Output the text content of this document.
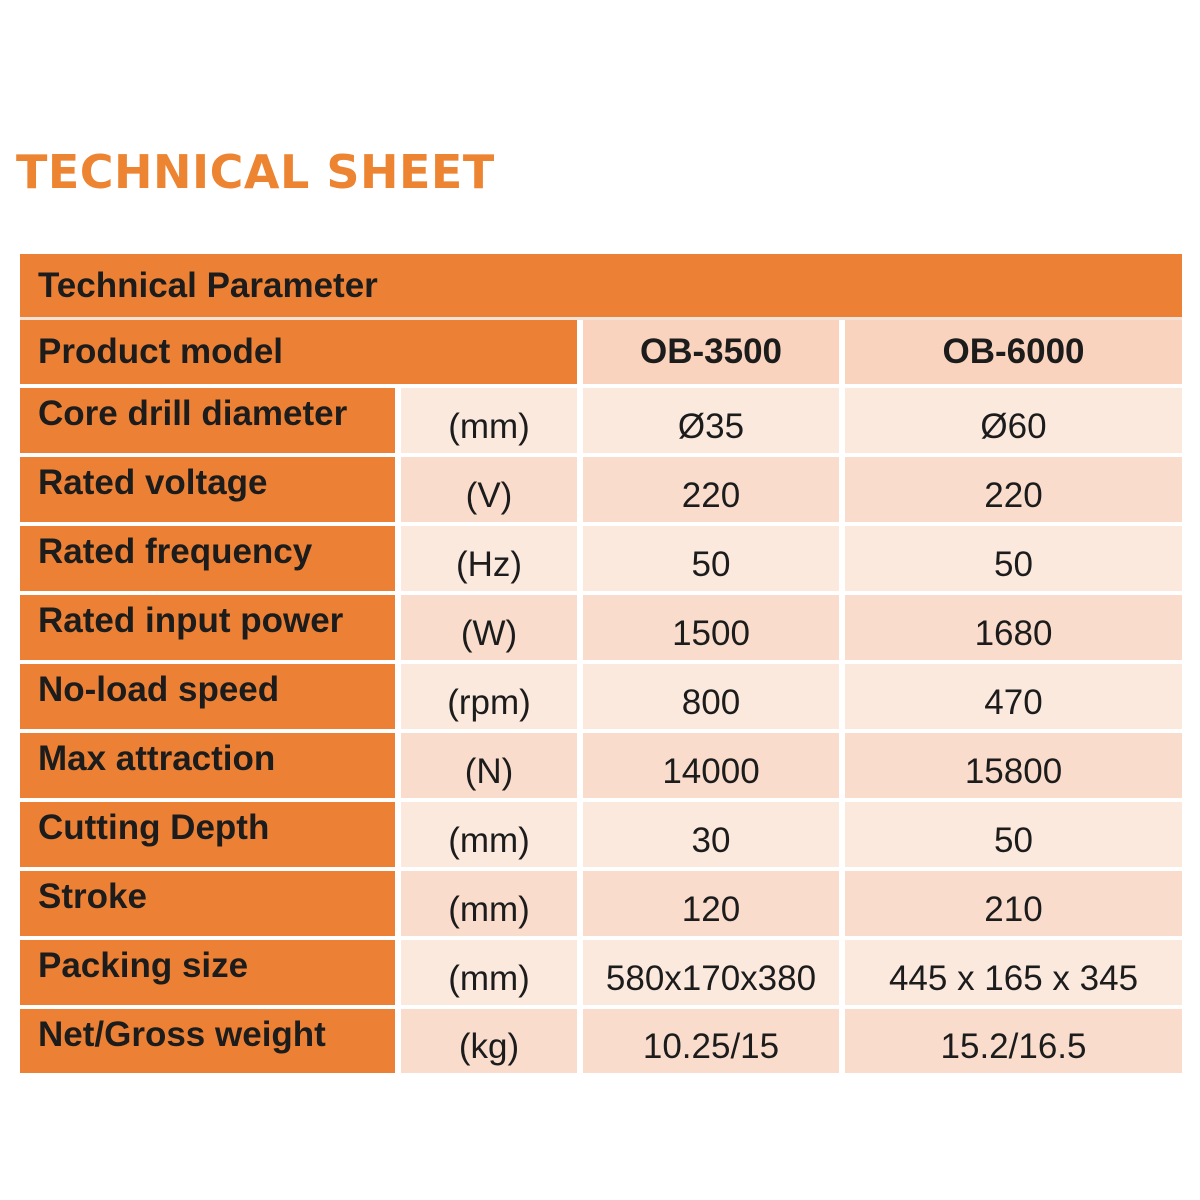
TECHNICAL SHEET
Technical Parameter			
Product model		OB-3500	OB-6000
Core drill diameter	(mm)	Ø35	Ø60
Rated voltage	(V)	220	220
Rated frequency	(Hz)	50	50
Rated input power	(W)	1500	1680
No-load speed	(rpm)	800	470
Max attraction	(N)	14000	15800
Cutting Depth	(mm)	30	50
Stroke	(mm)	120	210
Packing size	(mm)	580x170x380	445 x 165 x 345
Net/Gross weight	(kg)	10.25/15	15.2/16.5
